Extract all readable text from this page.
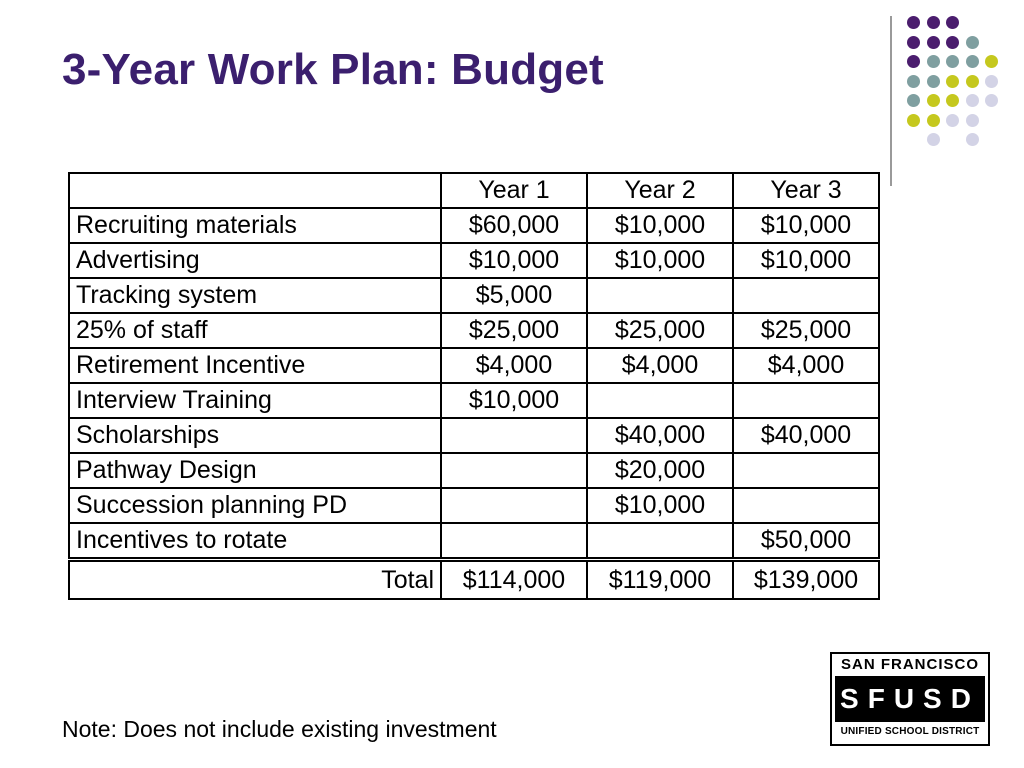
3-Year Work Plan: Budget
	Year 1	Year 2	Year 3
Recruiting materials	$60,000	$10,000	$10,000
Advertising	$10,000	$10,000	$10,000
Tracking system	$5,000		
25% of staff	$25,000	$25,000	$25,000
Retirement Incentive	$4,000	$4,000	$4,000
Interview Training	$10,000		
Scholarships		$40,000	$40,000
Pathway Design		$20,000	
Succession planning PD		$10,000	
Incentives to rotate			$50,000
Total	$114,000	$119,000	$139,000
Note: Does not include existing investment
SAN FRANCISCO
SFUSD
UNIFIED SCHOOL DISTRICT
